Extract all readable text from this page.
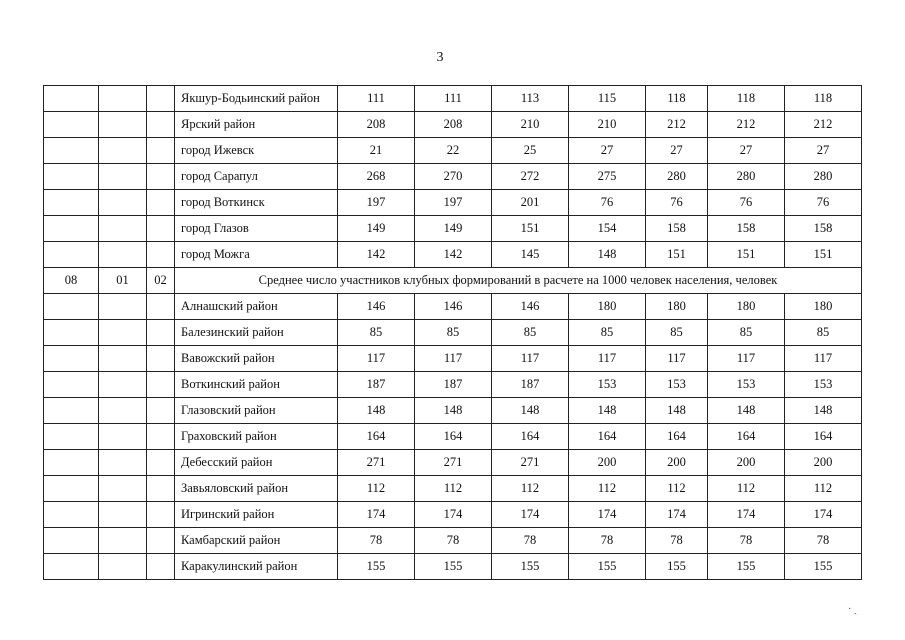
3
			Якшур-Бодьинский район	111	111	113	115	118	118	118
			Ярский район	208	208	210	210	212	212	212
			город Ижевск	21	22	25	27	27	27	27
			город Сарапул	268	270	272	275	280	280	280
			город Воткинск	197	197	201	76	76	76	76
			город Глазов	149	149	151	154	158	158	158
			город Можга	142	142	145	148	151	151	151
08	01	02	Среднее число участников клубных формирований в расчете на 1000 человек населения, человек							
			Алнашский район	146	146	146	180	180	180	180
			Балезинский район	85	85	85	85	85	85	85
			Вавожский район	117	117	117	117	117	117	117
			Воткинский район	187	187	187	153	153	153	153
			Глазовский район	148	148	148	148	148	148	148
			Граховский район	164	164	164	164	164	164	164
			Дебесский район	271	271	271	200	200	200	200
			Завьяловский район	112	112	112	112	112	112	112
			Игринский район	174	174	174	174	174	174	174
			Камбарский район	78	78	78	78	78	78	78
			Каракулинский район	155	155	155	155	155	155	155
· ˏ
